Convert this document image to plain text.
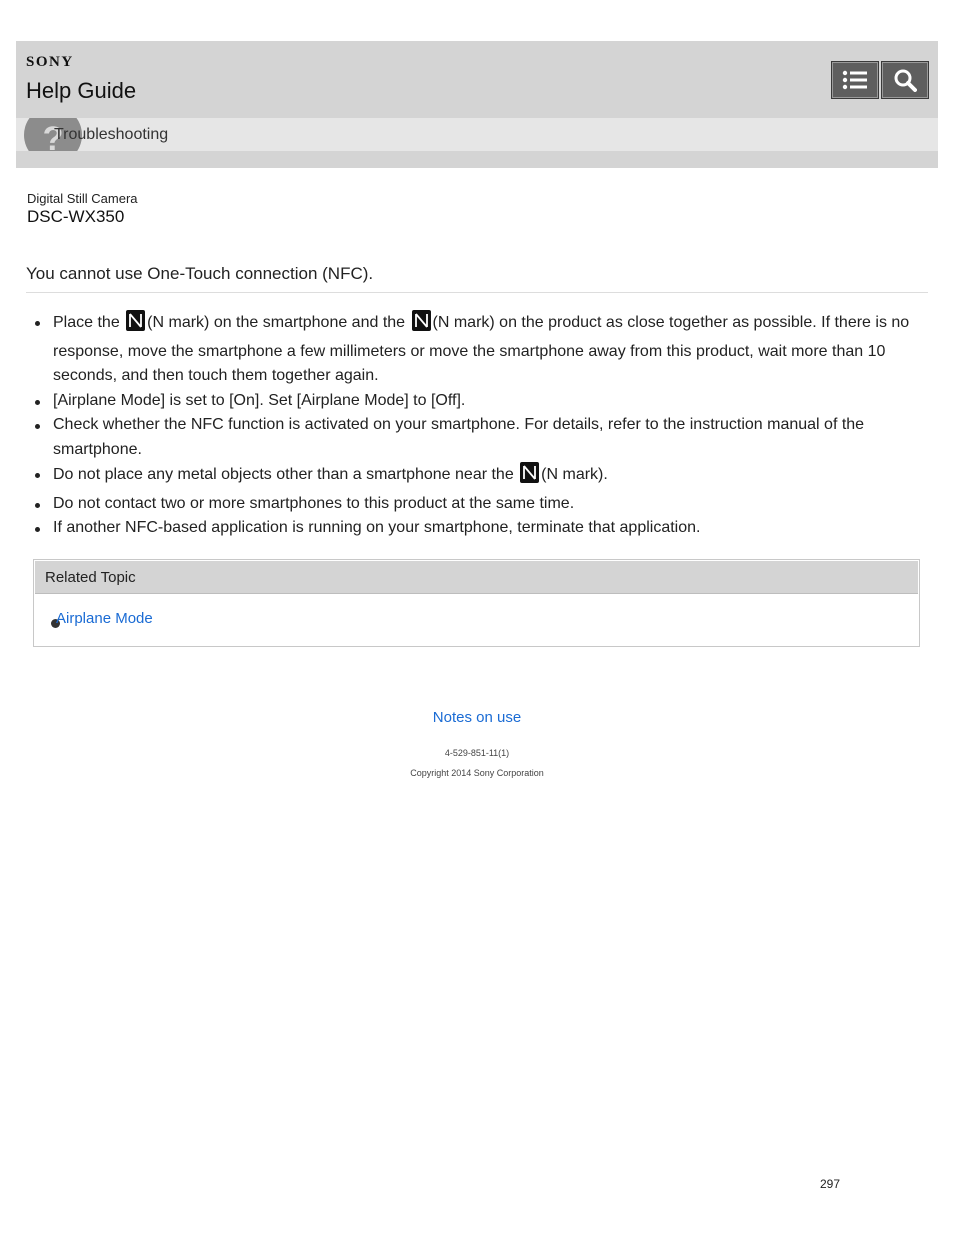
SONY
Help Guide
?
Troubleshooting
Digital Still Camera
DSC-WX350
You cannot use One-Touch connection (NFC).
Place the (N mark) on the smartphone and the (N mark) on the product as close together as possible. If there is no response, move the smartphone a few millimeters or move the smartphone away from this product, wait more than 10 seconds, and then touch them together again.
[Airplane Mode] is set to [On]. Set [Airplane Mode] to [Off].
Check whether the NFC function is activated on your smartphone. For details, refer to the instruction manual of the smartphone.
Do not place any metal objects other than a smartphone near the (N mark).
Do not contact two or more smartphones to this product at the same time.
If another NFC-based application is running on your smartphone, terminate that application.
Related Topic
Airplane Mode
Notes on use
4-529-851-11(1)
Copyright 2014 Sony Corporation
297
